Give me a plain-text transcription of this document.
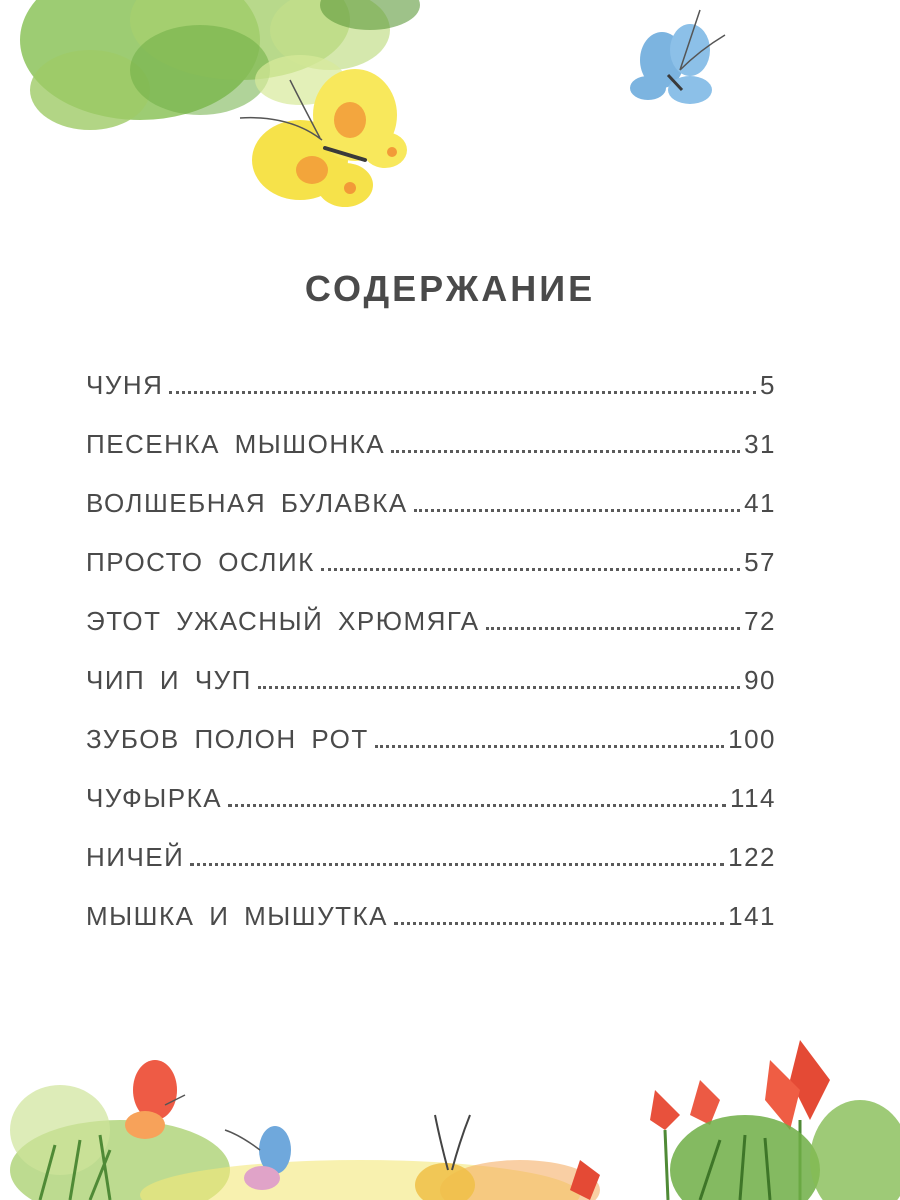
СОДЕРЖАНИЕ
ЧУНЯ	5
ПЕСЕНКА МЫШОНКА	31
ВОЛШЕБНАЯ БУЛАВКА	41
ПРОСТО ОСЛИК	57
ЭТОТ УЖАСНЫЙ ХРЮМЯГА	72
ЧИП И ЧУП	90
ЗУБОВ ПОЛОН РОТ	100
ЧУФЫРКА	114
НИЧЕЙ	122
МЫШКА И МЫШУТКА	141
